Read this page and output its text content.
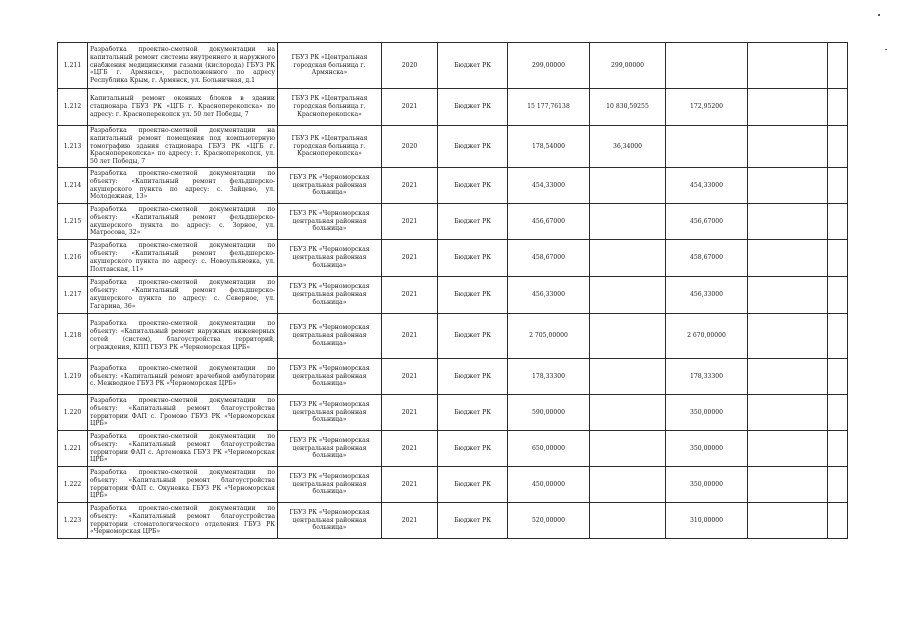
1.211	Разработка проектно-сметной документации на капитальный ремонт системы внутреннего и наружного снабжения медицинскими газами (кислорода) ГБУЗ РК «ЦГБ г. Армянск», расположенного по адресу Республика Крым, г. Армянск, ул. Больничная, д.1	ГБУЗ РК «Центральная городская больница г. Армянска»	2020	Бюджет РК	299,00000	299,00000			
1.212	Капитальный ремонт оконных блоков в здании стационара ГБУЗ РК «ЦГБ г. Красноперекопска» по адресу: г. Красноперекопск ул. 50 лет Победы, 7	ГБУЗ РК «Центральная городская больница г. Красноперекопска»	2021	Бюджет РК	15 177,76138	10 830,59255	172,95200		
1.213	Разработка проектно-сметной документации на капитальный ремонт помещения под компьютерную томографию здания стационара ГБУЗ РК «ЦГБ г. Красноперекопска» по адресу: г. Красноперекопск, ул. 50 лет Победы, 7	ГБУЗ РК «Центральная городская больница г. Красноперекопска»	2020	Бюджет РК	178,54000	36,34000			
1.214	Разработка проектно-сметной документации по объекту: «Капитальный ремонт фельдшерско-акушерского пункта по адресу: с. Зайцево, ул. Молодежная, 13»	ГБУЗ РК «Черноморская центральная районная больница»	2021	Бюджет РК	454,33000		454,33000		
1.215	Разработка проектно-сметной документации по объекту: «Капитальный ремонт фельдшерско-акушерского пункта по адресу: с. Зорное, ул. Матросова, 32»	ГБУЗ РК «Черноморская центральная районная больница»	2021	Бюджет РК	456,67000		456,67000		
1.216	Разработка проектно-сметной документации по объекту: «Капитальный ремонт фельдшерско-акушерского пункта по адресу: с. Новоульяновка, ул. Полтавская, 11»	ГБУЗ РК «Черноморская центральная районная больница»	2021	Бюджет РК	458,67000		458,67000		
1.217	Разработка проектно-сметной документации по объекту: «Капитальный ремонт фельдшерско-акушерского пункта по адресу: с. Северное, ул. Гагарина, 36»	ГБУЗ РК «Черноморская центральная районная больница»	2021	Бюджет РК	456,33000		456,33000		
1.218	Разработка проектно-сметной документации по объекту: «Капитальный ремонт наружных инженерных сетей (систем), благоустройства территорий, ограждения, КПП ГБУЗ РК «Черноморская ЦРБ»	ГБУЗ РК «Черноморская центральная районная больница»	2021	Бюджет РК	2 705,00000		2 670,00000		
1.219	Разработка проектно-сметной документации по объекту: «Капитальный ремонт врачебной амбулатории с. Межводное ГБУЗ РК «Черноморская ЦРБ»	ГБУЗ РК «Черноморская центральная районная больница»	2021	Бюджет РК	178,33300		178,33300		
1.220	Разработка проектно-сметной документации по объекту: «Капитальный ремонт благоустройства территории ФАП с. Громово ГБУЗ РК «Черноморская ЦРБ»	ГБУЗ РК «Черноморская центральная районная больница»	2021	Бюджет РК	590,00000		350,00000		
1.221	Разработка проектно-сметной документации по объекту: «Капитальный ремонт благоустройства территории ФАП с. Артемовка ГБУЗ РК «Черноморская ЦРБ»	ГБУЗ РК «Черноморская центральная районная больница»	2021	Бюджет РК	650,00000		350,00000		
1.222	Разработка проектно-сметной документации по объекту: «Капитальный ремонт благоустройства территории ФАП с. Окуневка ГБУЗ РК «Черноморская ЦРБ»	ГБУЗ РК «Черноморская центральная районная больница»	2021	Бюджет РК	450,00000		350,00000		
1.223	Разработка проектно-сметной документации по объекту: «Капитальный ремонт благоустройства территории стоматологического отделения ГБУЗ РК «Черноморская ЦРБ»	ГБУЗ РК «Черноморская центральная районная больница»	2021	Бюджет РК	520,00000		310,00000		
